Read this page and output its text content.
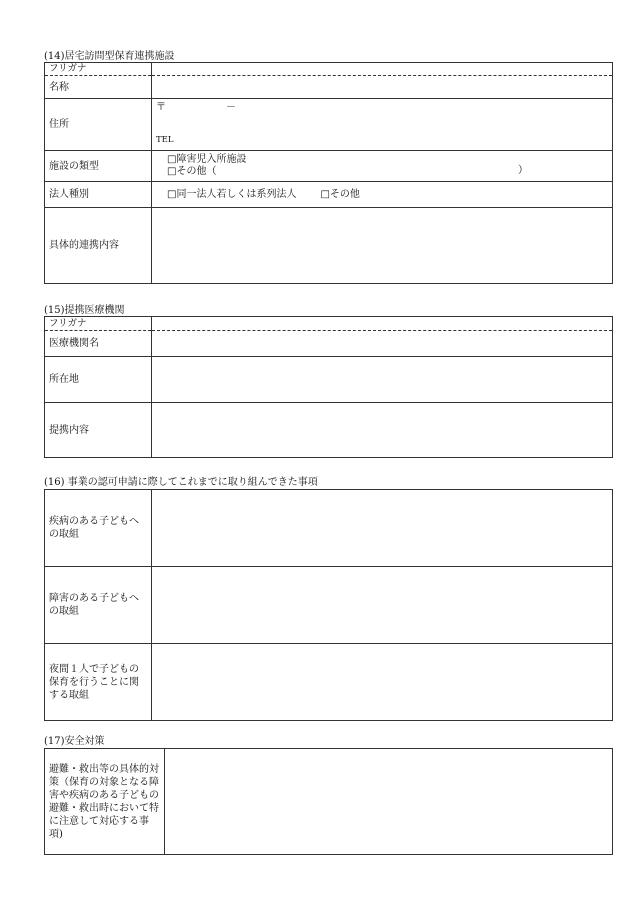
(14)居宅訪問型保育連携施設
フリガナ	
名称	
住所	〒 －
TEL

施設の類型	□障害児入所施設
□その他（ ）

法人種別	□同一法人若しくは系列法人 □その他
具体的連携内容	
(15)提携医療機関
フリガナ	
医療機関名	
所在地	
提携内容	
(16) 事業の認可申請に際してこれまでに取り組んできた事項
疾病のある子どもへの取組	
障害のある子どもへの取組	
夜間１人で子どもの保育を行うことに関する取組	
(17)安全対策
避難・救出等の具体的対策（保育の対象となる障害や疾病のある子どもの避難・救出時において特に注意して対応する事項)	
